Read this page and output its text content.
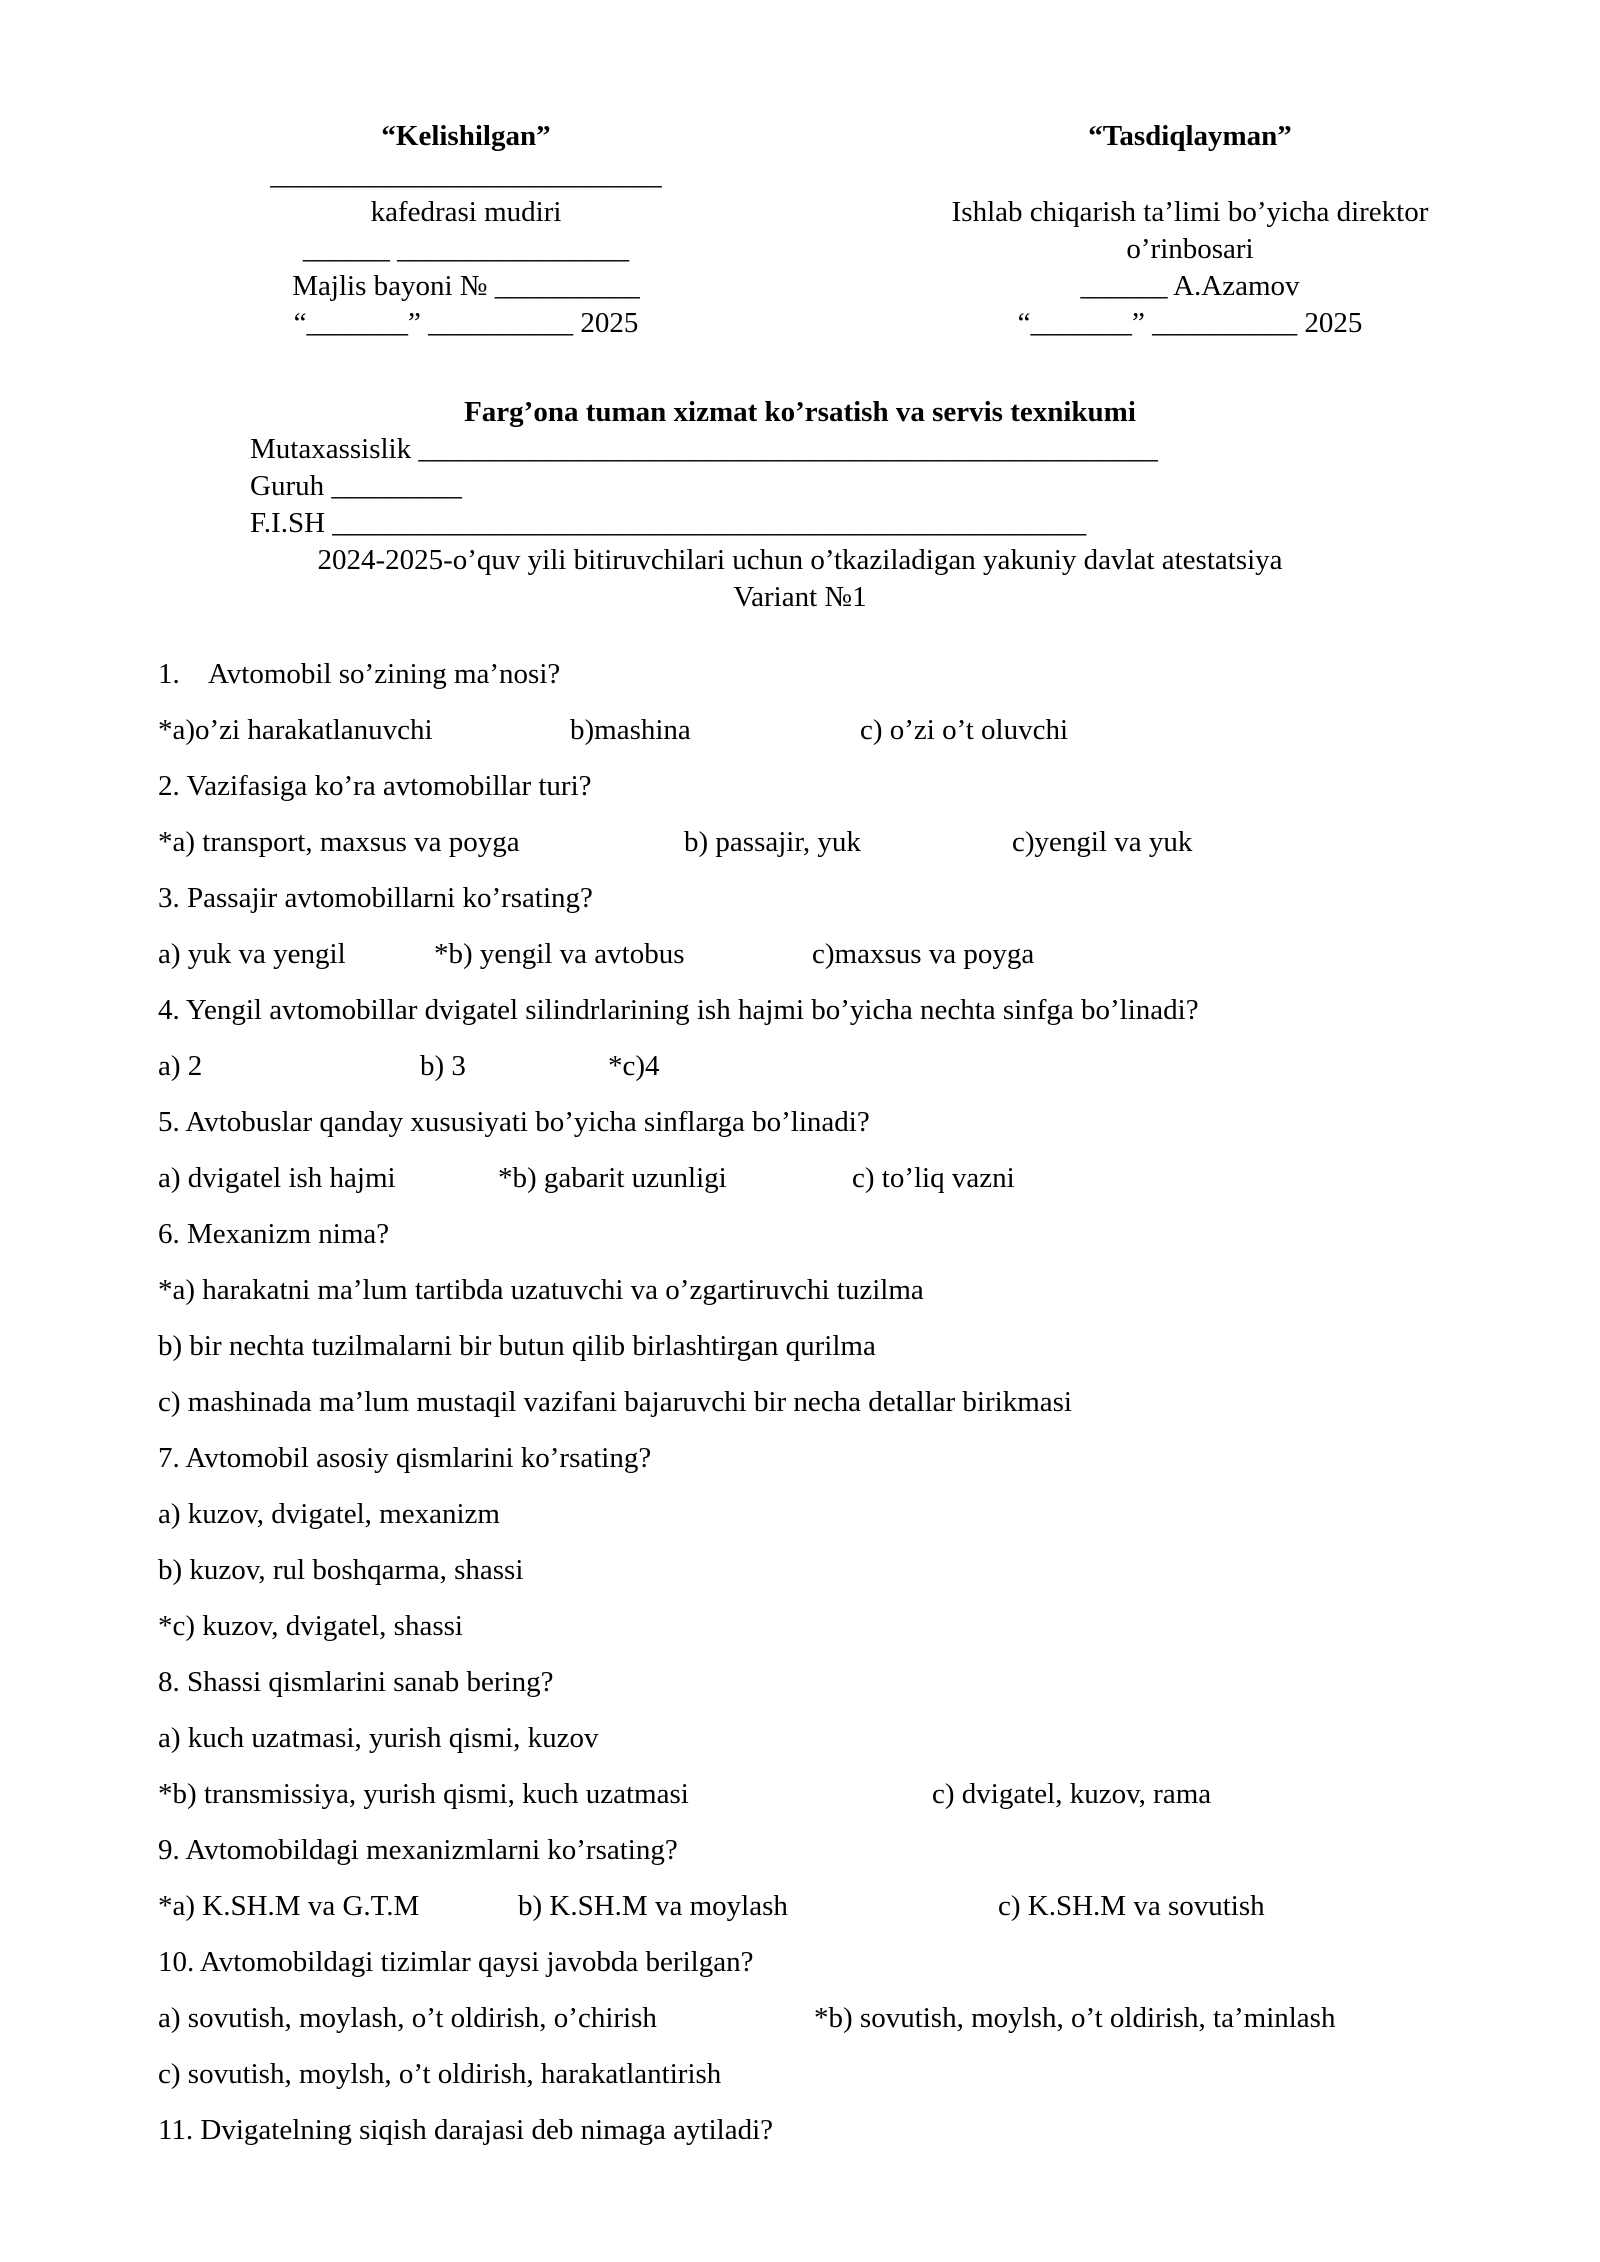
“Kelishilgan”
___________________________
kafedrasi mudiri
______ ________________
Majlis bayoni № __________
“_______” __________ 2025
“Tasdiqlayman”
Ishlab chiqarish ta’limi bo’yicha direktor
o’rinbosari
______ A.Azamov
“_______” __________ 2025
Farg’ona tuman xizmat ko’rsatish va servis texnikumi
Mutaxassislik ___________________________________________________
Guruh _________
F.I.SH ____________________________________________________
2024-2025-o’quv yili bitiruvchilari uchun o’tkaziladigan yakuniy davlat atestatsiya
Variant №1
1. Avtomobil so’zining ma’nosi?
*a)o’zi harakatlanuvchi	b)mashina	c) o’zi o’t oluvchi
2. Vazifasiga ko’ra avtomobillar turi?
*a) transport, maxsus va poyga	b) passajir, yuk	c)yengil va yuk
3. Passajir avtomobillarni ko’rsating?
a) yuk va yengil	*b) yengil va avtobus	c)maxsus va poyga
4. Yengil avtomobillar dvigatel silindrlarining ish hajmi bo’yicha nechta sinfga bo’linadi?
a) 2	b) 3	*c)4
5. Avtobuslar qanday xususiyati bo’yicha sinflarga bo’linadi?
a) dvigatel ish hajmi	*b) gabarit uzunligi	c) to’liq vazni
6. Mexanizm nima?
*a) harakatni ma’lum tartibda uzatuvchi va o’zgartiruvchi tuzilma
b) bir nechta tuzilmalarni bir butun qilib birlashtirgan qurilma
c) mashinada ma’lum mustaqil vazifani bajaruvchi bir necha detallar birikmasi
7. Avtomobil asosiy qismlarini ko’rsating?
a) kuzov, dvigatel, mexanizm
b) kuzov, rul boshqarma, shassi
*c) kuzov, dvigatel, shassi
8. Shassi qismlarini sanab bering?
a) kuch uzatmasi, yurish qismi, kuzov
*b) transmissiya, yurish qismi, kuch uzatmasi	c) dvigatel, kuzov, rama
9. Avtomobildagi mexanizmlarni ko’rsating?
*a) K.SH.M va G.T.M	b) K.SH.M va moylash	c) K.SH.M va sovutish
10. Avtomobildagi tizimlar qaysi javobda berilgan?
a) sovutish, moylash, o’t oldirish, o’chirish	*b) sovutish, moylsh, o’t oldirish, ta’minlash
c) sovutish, moylsh, o’t oldirish, harakatlantirish
11. Dvigatelning siqish darajasi deb nimaga aytiladi?
